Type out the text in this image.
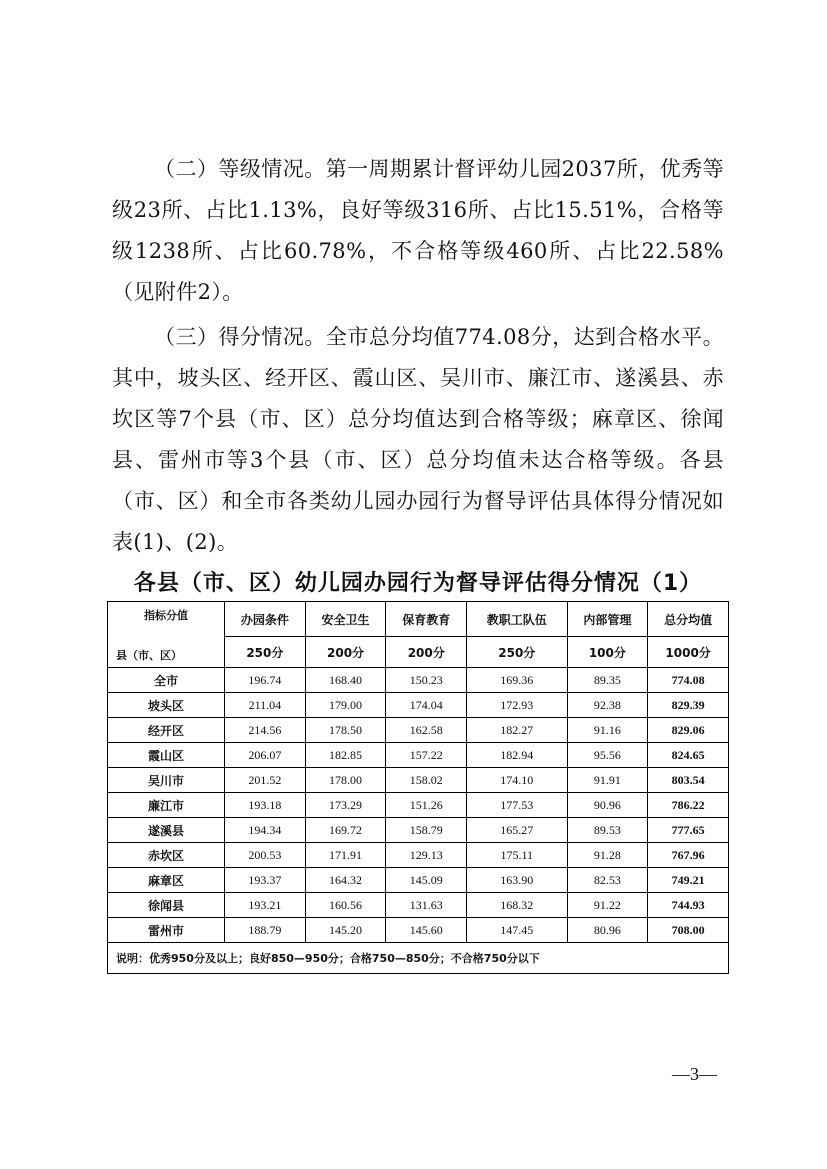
（二）等级情况。第一周期累计督评幼儿园2037所，优秀等级23所、占比1.13%，良好等级316所、占比15.51%，合格等级1238所、占比60.78%，不合格等级460所、占比22.58%（见附件2）。

（三）得分情况。全市总分均值774.08分，达到合格水平。其中，坡头区、经开区、霞山区、吴川市、廉江市、遂溪县、赤坎区等7个县（市、区）总分均值达到合格等级；麻章区、徐闻县、雷州市等3个县（市、区）总分均值未达合格等级。各县（市、区）和全市各类幼儿园办园行为督导评估具体得分情况如表(1)、(2)。

各县（市、区）幼儿园办园行为督导评估得分情况（1）
指标分值
县（市、区）	办园条件	安全卫生	保育教育	教职工队伍	内部管理	总分均值
	250分	200分	200分	250分	100分	1000分
全市	196.74	168.40	150.23	169.36	89.35	774.08
坡头区	211.04	179.00	174.04	172.93	92.38	829.39
经开区	214.56	178.50	162.58	182.27	91.16	829.06
霞山区	206.07	182.85	157.22	182.94	95.56	824.65
吴川市	201.52	178.00	158.02	174.10	91.91	803.54
廉江市	193.18	173.29	151.26	177.53	90.96	786.22
遂溪县	194.34	169.72	158.79	165.27	89.53	777.65
赤坎区	200.53	171.91	129.13	175.11	91.28	767.96
麻章区	193.37	164.32	145.09	163.90	82.53	749.21
徐闻县	193.21	160.56	131.63	168.32	91.22	744.93
雷州市	188.79	145.20	145.60	147.45	80.96	708.00
说明：优秀950分及以上；良好850—950分；合格750—850分；不合格750分以下						
—3—
